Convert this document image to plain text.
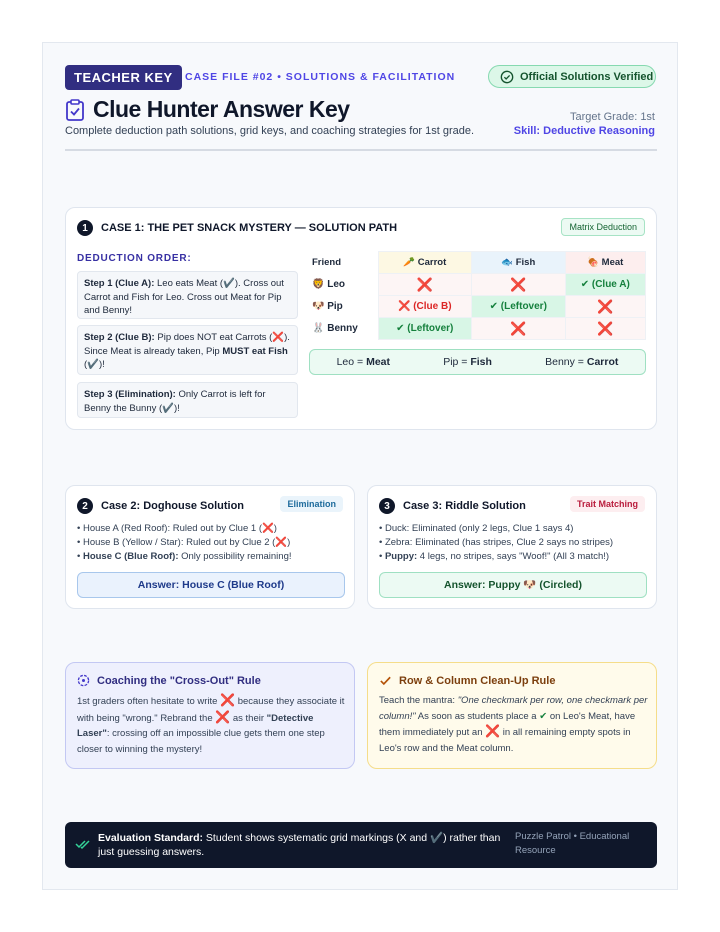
TEACHER KEY	CASE FILE #02 • SOLUTIONS & FACILITATION	Official Solutions Verified
Clue Hunter Answer Key
Complete deduction path solutions, grid keys, and coaching strategies for 1st grade.
Target Grade: 1st
Skill: Deductive Reasoning
1	CASE 1: THE PET SNACK MYSTERY — SOLUTION PATH	Matrix Deduction
DEDUCTION ORDER:
Step 1 (Clue A): Leo eats Meat (✔️). Cross out Carrot and Fish for Leo. Cross out Meat for Pip and Benny!
Step 2 (Clue B): Pip does NOT eat Carrots (❌). Since Meat is already taken, Pip MUST eat Fish (✔️)!
Step 3 (Elimination): Only Carrot is left for Benny the Bunny (✔️)!
Friend	🥕 Carrot	🐟 Fish	🍖 Meat
🦁 Leo	❌	❌	✔ (Clue A)
🐶 Pip	❌ (Clue B)	✔ (Leftover)	❌
🐰 Benny	✔ (Leftover)	❌	❌
Leo = Meat	Pip = Fish	Benny = Carrot
2	Case 2: Doghouse Solution	Elimination
• House A (Red Roof): Ruled out by Clue 1 (❌)
• House B (Yellow / Star): Ruled out by Clue 2 (❌)
• House C (Blue Roof): Only possibility remaining!
Answer: House C (Blue Roof)
3	Case 3: Riddle Solution	Trait Matching
• Duck: Eliminated (only 2 legs, Clue 1 says 4)
• Zebra: Eliminated (has stripes, Clue 2 says no stripes)
• Puppy: 4 legs, no stripes, says "Woof!" (All 3 match!)
Answer: Puppy 🐶 (Circled)
Coaching the "Cross-Out" Rule
1st graders often hesitate to write ❌ because they associate it with being "wrong." Rebrand the ❌ as their "Detective Laser": crossing off an impossible clue gets them one step closer to winning the mystery!
Row & Column Clean-Up Rule
Teach the mantra: "One checkmark per row, one checkmark per column!" As soon as students place a ✔ on Leo's Meat, have them immediately put an ❌ in all remaining empty spots in Leo's row and the Meat column.
Evaluation Standard: Student shows systematic grid markings (X and ✔️) rather than just guessing answers.
Puzzle Patrol • Educational Resource
